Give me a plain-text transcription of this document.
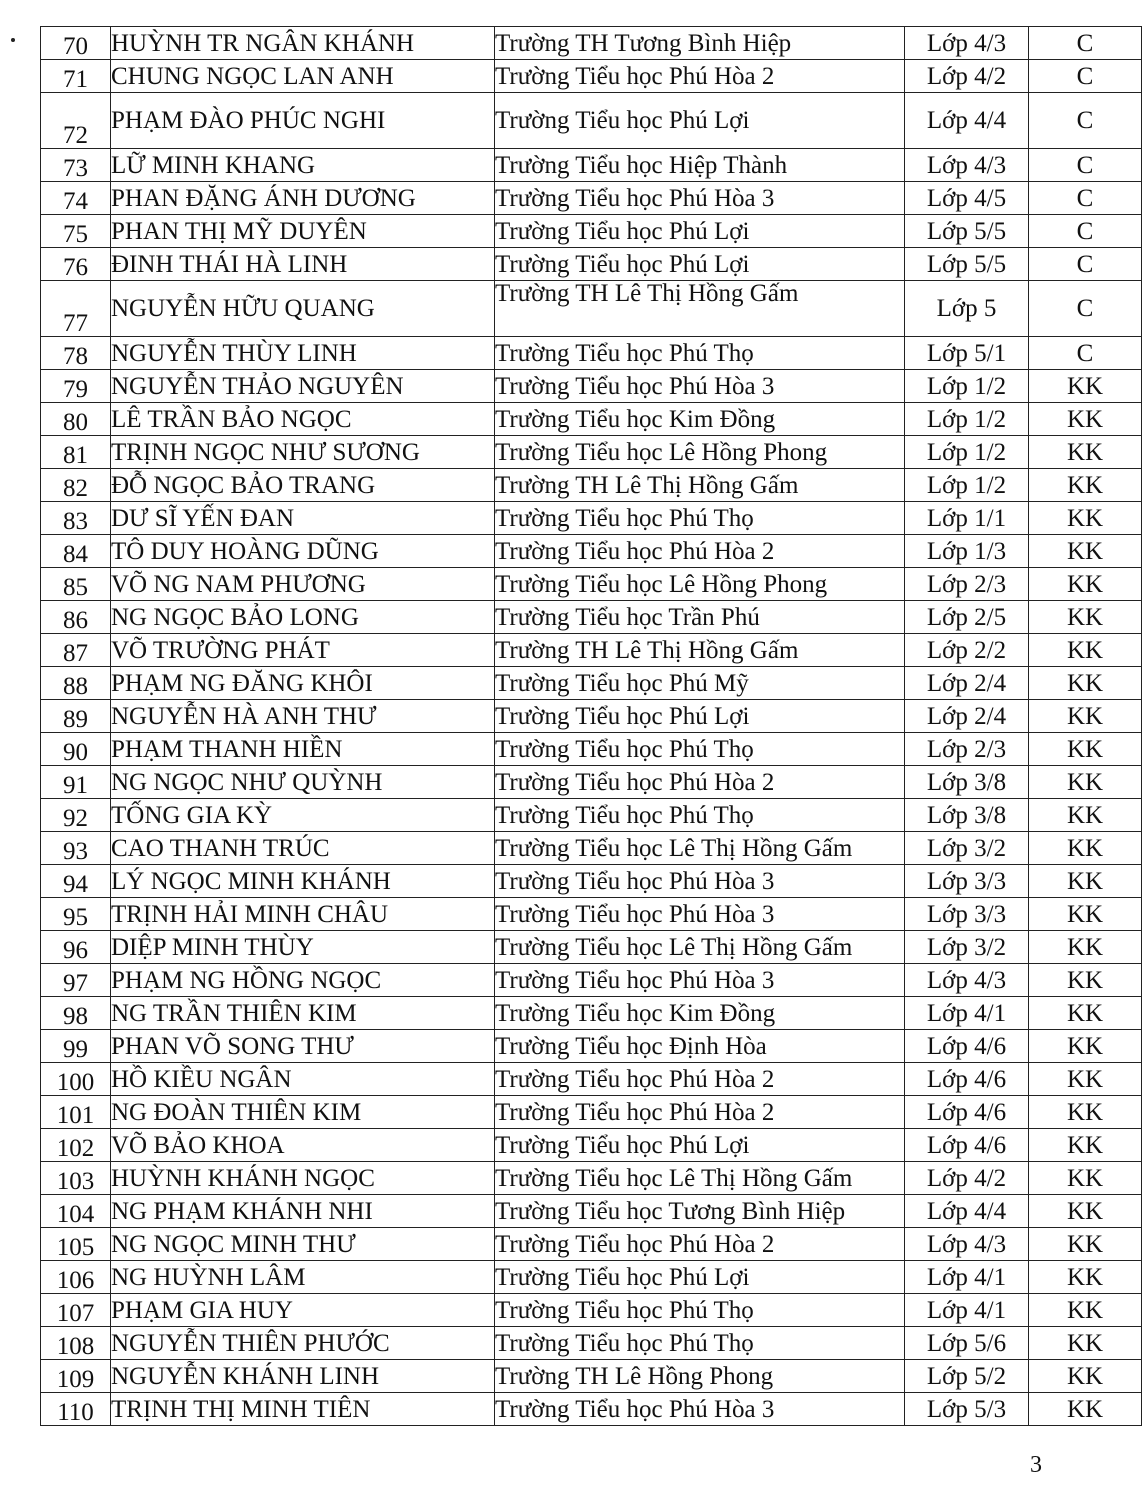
70	HUỲNH TR NGÂN KHÁNH	Trường TH Tương Bình Hiệp	Lớp 4/3	C
71	CHUNG NGỌC LAN ANH	Trường Tiểu học Phú Hòa 2	Lớp 4/2	C
72	PHẠM ĐÀO PHÚC NGHI	Trường Tiểu học Phú Lợi	Lớp 4/4	C
73	LỮ MINH KHANG	Trường Tiểu học Hiệp Thành	Lớp 4/3	C
74	PHAN ĐẶNG ÁNH DƯƠNG	Trường Tiểu học Phú Hòa 3	Lớp 4/5	C
75	PHAN THỊ MỸ DUYÊN	Trường Tiểu học Phú Lợi	Lớp 5/5	C
76	ĐINH THÁI HÀ LINH	Trường Tiểu học Phú Lợi	Lớp 5/5	C
77	NGUYỄN HỮU QUANG	Trường TH Lê Thị Hồng Gấm	Lớp 5	C
78	NGUYỄN THÙY LINH	Trường Tiểu học Phú Thọ	Lớp 5/1	C
79	NGUYỄN THẢO NGUYÊN	Trường Tiểu học Phú Hòa 3	Lớp 1/2	KK
80	LÊ TRẦN BẢO NGỌC	Trường Tiểu học Kim Đồng	Lớp 1/2	KK
81	TRỊNH NGỌC NHƯ SƯƠNG	Trường Tiểu học Lê Hồng Phong	Lớp 1/2	KK
82	ĐỖ NGỌC BẢO TRANG	Trường TH Lê Thị Hồng Gấm	Lớp 1/2	KK
83	DƯ SĨ YẾN ĐAN	Trường Tiểu học Phú Thọ	Lớp 1/1	KK
84	TÔ DUY HOÀNG DŨNG	Trường Tiểu học Phú Hòa 2	Lớp 1/3	KK
85	VÕ NG NAM PHƯƠNG	Trường Tiểu học Lê Hồng Phong	Lớp 2/3	KK
86	NG NGỌC BẢO LONG	Trường Tiểu học Trần Phú	Lớp 2/5	KK
87	VÕ TRƯỜNG PHÁT	Trường TH Lê Thị Hồng Gấm	Lớp 2/2	KK
88	PHẠM NG ĐĂNG KHÔI	Trường Tiểu học Phú Mỹ	Lớp 2/4	KK
89	NGUYỄN HÀ ANH THƯ	Trường Tiểu học Phú Lợi	Lớp 2/4	KK
90	PHẠM THANH HIỀN	Trường Tiểu học Phú Thọ	Lớp 2/3	KK
91	NG NGỌC NHƯ QUỲNH	Trường Tiểu học Phú Hòa 2	Lớp 3/8	KK
92	TỐNG GIA KỲ	Trường Tiểu học Phú Thọ	Lớp 3/8	KK
93	CAO THANH TRÚC	Trường Tiểu học Lê Thị Hồng Gấm	Lớp 3/2	KK
94	LÝ NGỌC MINH KHÁNH	Trường Tiểu học Phú Hòa 3	Lớp 3/3	KK
95	TRỊNH HẢI MINH CHÂU	Trường Tiểu học Phú Hòa 3	Lớp 3/3	KK
96	DIỆP MINH THÙY	Trường Tiểu học Lê Thị Hồng Gấm	Lớp 3/2	KK
97	PHẠM NG HỒNG NGỌC	Trường Tiểu học Phú Hòa 3	Lớp 4/3	KK
98	NG TRẦN THIÊN KIM	Trường Tiểu học Kim Đồng	Lớp 4/1	KK
99	PHAN VÕ SONG THƯ	Trường Tiểu học Định Hòa	Lớp 4/6	KK
100	HỒ KIỀU NGÂN	Trường Tiểu học Phú Hòa 2	Lớp 4/6	KK
101	NG ĐOÀN THIÊN KIM	Trường Tiểu học Phú Hòa 2	Lớp 4/6	KK
102	VÕ BẢO KHOA	Trường Tiểu học Phú Lợi	Lớp 4/6	KK
103	HUỲNH KHÁNH NGỌC	Trường Tiểu học Lê Thị Hồng Gấm	Lớp 4/2	KK
104	NG PHẠM KHÁNH NHI	Trường Tiểu học Tương Bình Hiệp	Lớp 4/4	KK
105	NG NGỌC MINH THƯ	Trường Tiểu học Phú Hòa 2	Lớp 4/3	KK
106	NG HUỲNH LÂM	Trường Tiểu học Phú Lợi	Lớp 4/1	KK
107	PHẠM GIA HUY	Trường Tiểu học Phú Thọ	Lớp 4/1	KK
108	NGUYỄN THIÊN PHƯỚC	Trường Tiểu học Phú Thọ	Lớp 5/6	KK
109	NGUYỄN KHÁNH LINH	Trường TH Lê Hồng Phong	Lớp 5/2	KK
110	TRỊNH THỊ MINH TIÊN	Trường Tiểu học Phú Hòa 3	Lớp 5/3	KK
3
